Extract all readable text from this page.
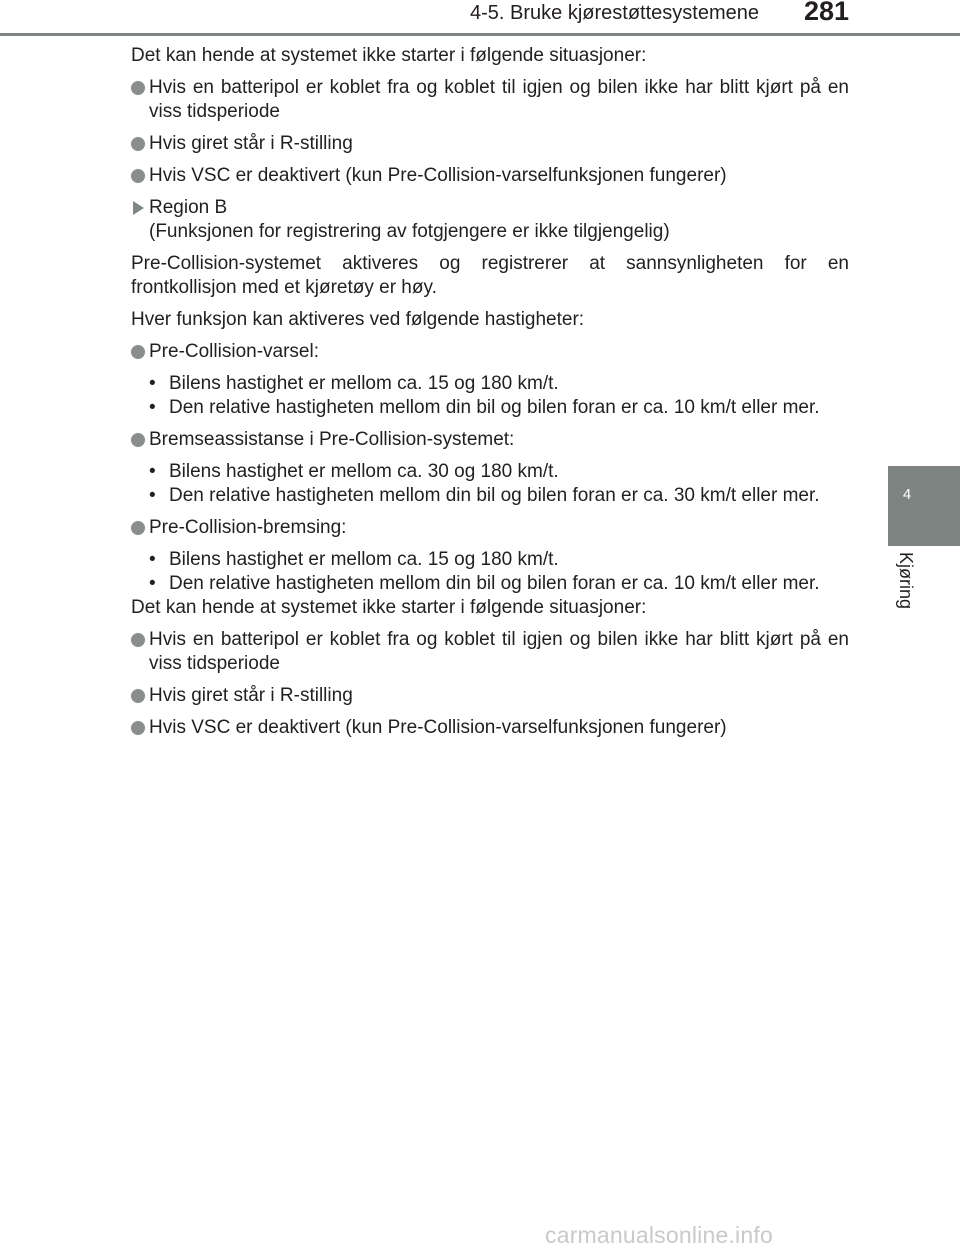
4-5. Bruke kjørestøttesystemene 281
4
Kjøring

Det kan hende at systemet ikke starter i følgende situasjoner:

Hvis en batteripol er koblet fra og koblet til igjen og bilen ikke har blitt kjørt på en viss tidsperiode
Hvis giret står i R-stilling
Hvis VSC er deaktivert (kun Pre-Collision-varselfunksjonen fungerer)
Region B
(Funksjonen for registrering av fotgjengere er ikke tilgjengelig)

Pre-Collision-systemet aktiveres og registrerer at sannsynligheten for en frontkollisjon med et kjøretøy er høy.

Hver funksjon kan aktiveres ved følgende hastigheter:

Pre-Collision-varsel:
• Bilens hastighet er mellom ca. 15 og 180 km/t.
• Den relative hastigheten mellom din bil og bilen foran er ca. 10 km/t eller mer.
Bremseassistanse i Pre-Collision-systemet:
• Bilens hastighet er mellom ca. 30 og 180 km/t.
• Den relative hastigheten mellom din bil og bilen foran er ca. 30 km/t eller mer.
Pre-Collision-bremsing:
• Bilens hastighet er mellom ca. 15 og 180 km/t.
• Den relative hastigheten mellom din bil og bilen foran er ca. 10 km/t eller mer.

Det kan hende at systemet ikke starter i følgende situasjoner:

Hvis en batteripol er koblet fra og koblet til igjen og bilen ikke har blitt kjørt på en viss tidsperiode
Hvis giret står i R-stilling
Hvis VSC er deaktivert (kun Pre-Collision-varselfunksjonen fungerer)
carmanualsonline.info
